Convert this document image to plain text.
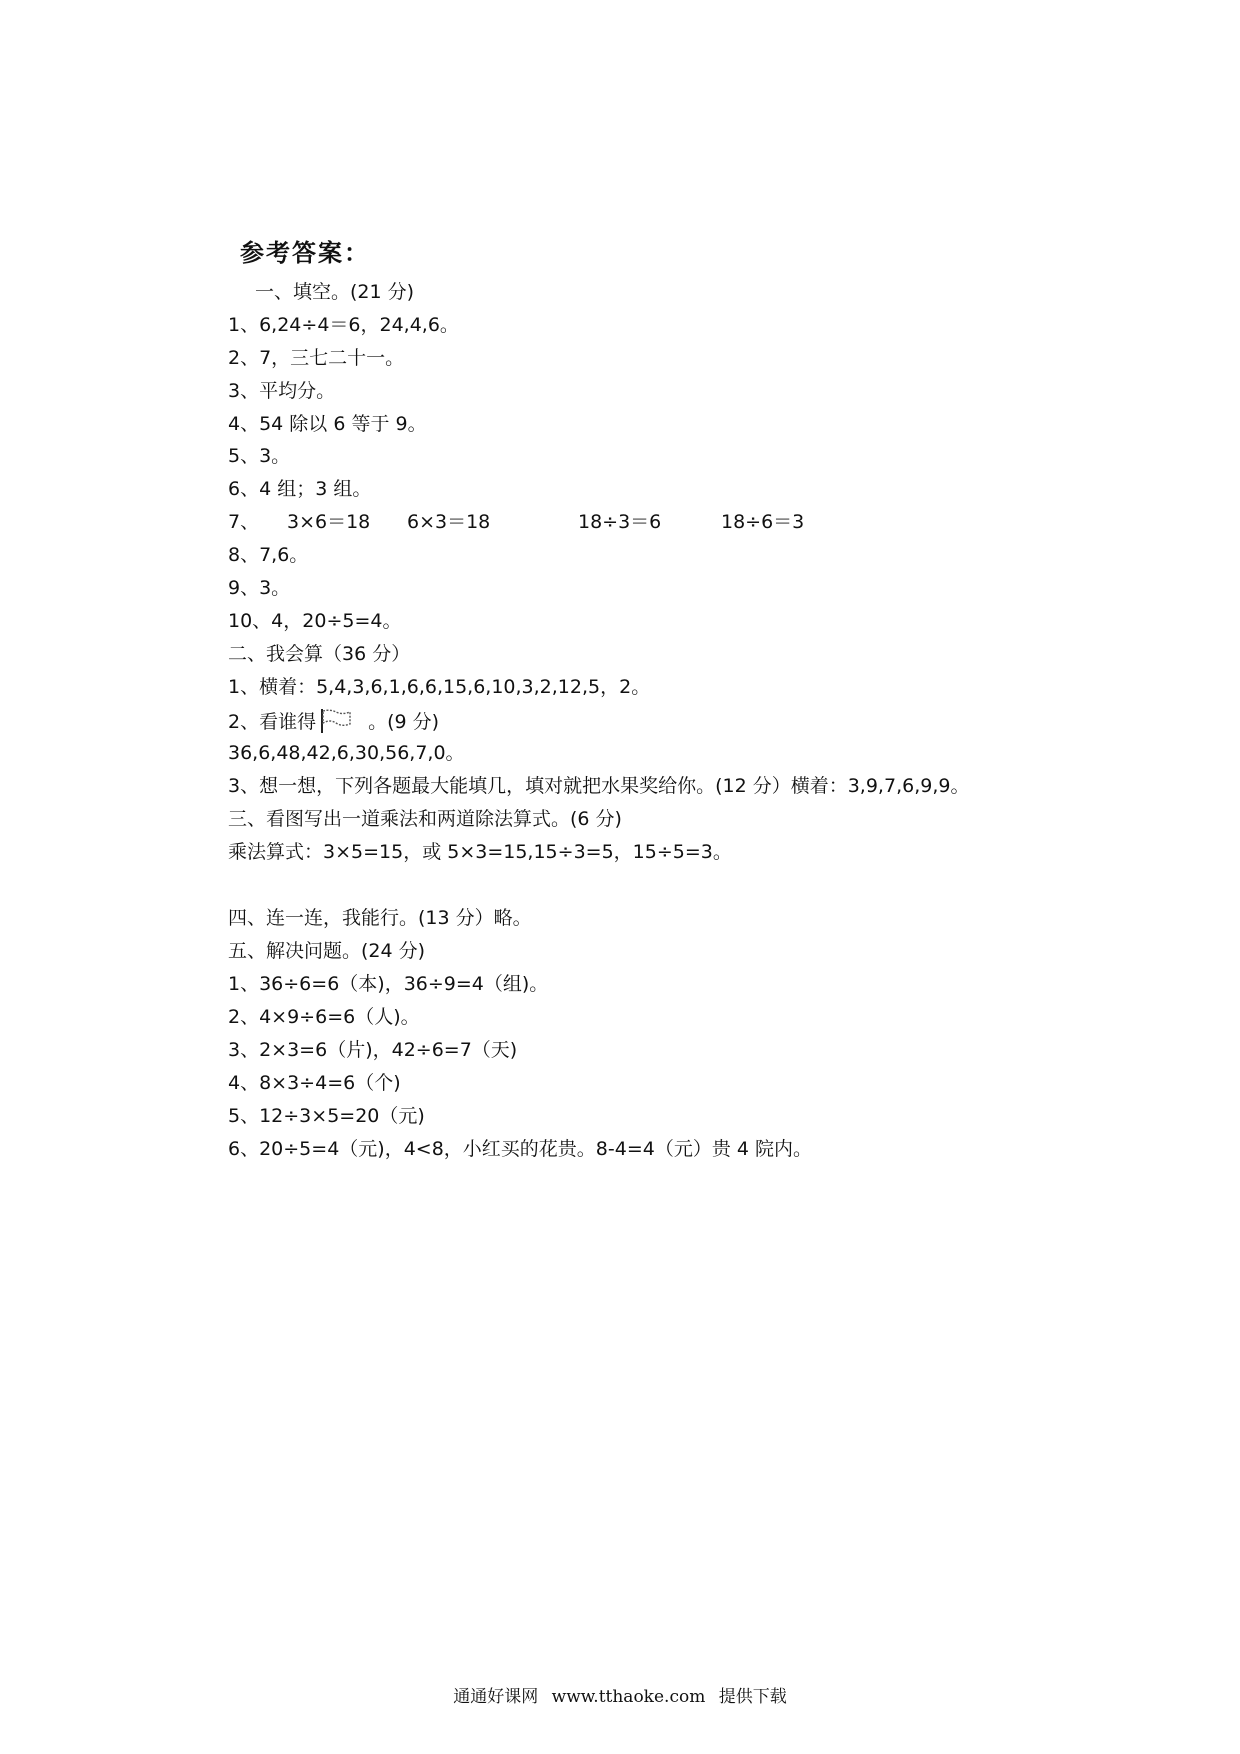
参考答案：
一、填空。(21 分)
1、6,24÷4＝6，24,4,6。
2、7，三七二十一。
3、平均分。
4、54 除以 6 等于 9。
5、3。
6、4 组；3 组。
7、 3×6＝18 6×3＝18	18÷3＝6	18÷6＝3
8、7,6。
9、3。
10、4，20÷5=4。
二、我会算（36 分）
1、横着：5,4,3,6,1,6,6,15,6,10,3,2,12,5，2。
2、看谁得	。(9 分)
36,6,48,42,6,30,56,7,0。
3、想一想，下列各题最大能填几，填对就把水果奖给你。(12 分）横着：3,9,7,6,9,9。
三、看图写出一道乘法和两道除法算式。(6 分)
乘法算式：3×5=15，或 5×3=15,15÷3=5，15÷5=3。
四、连一连，我能行。(13 分）略。
五、解决问题。(24 分)
1、36÷6=6（本)，36÷9=4（组)。
2、4×9÷6=6（人)。
3、2×3=6（片)，42÷6=7（天)
4、8×3÷4=6（个)
5、12÷3×5=20（元)
6、20÷5=4（元)，4<8，小红买的花贵。8-4=4（元）贵 4 院内。
通通好课网 www.tthaoke.com 提供下载
